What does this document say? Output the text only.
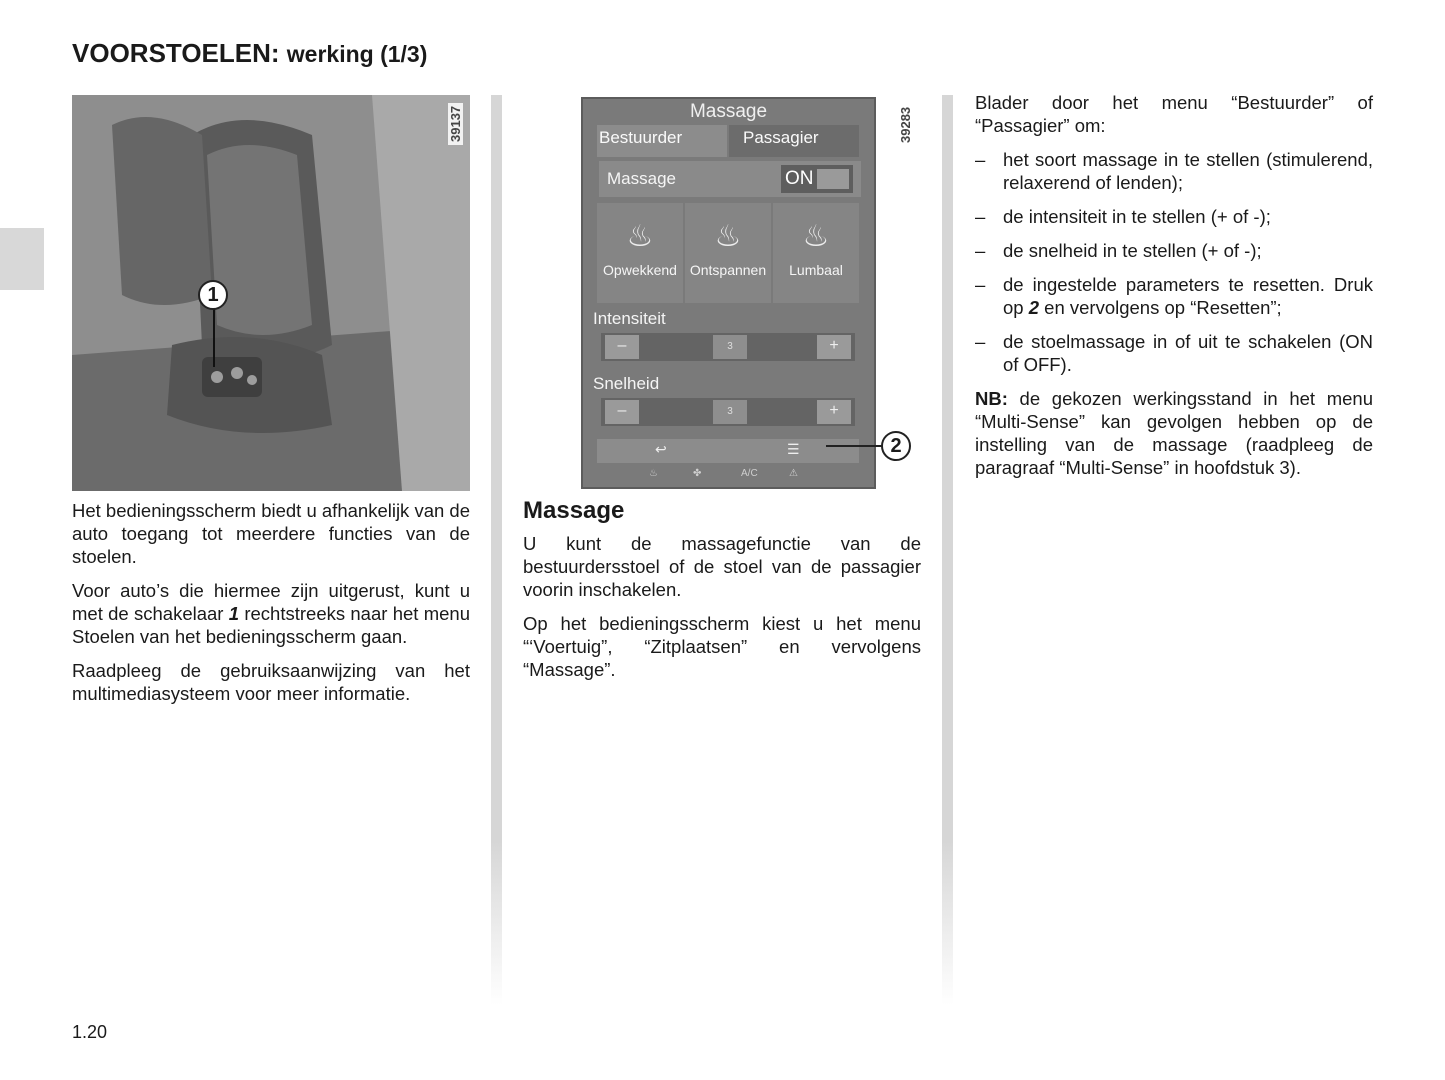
VOORSTOELEN: werking (1/3)
39137
1
Massage
Bestuurder	Passagier
Massage	ON
♨
Opwekkend
♨
Ontspannen
♨
Lumbaal
Intensiteit
–	3	+
Snelheid
–	3	+
↩	☰
♨	✤	A/C	⚠
39283
2

Het bedieningsscherm biedt u afhankelijk van de auto toegang tot meerdere functies van de stoelen.

Voor auto’s die hiermee zijn uitgerust, kunt u met de schakelaar 1 rechtstreeks naar het menu Stoelen van het bedieningsscherm gaan.

Raadpleeg de gebruiksaanwijzing van het multimediasysteem voor meer informatie.

Massage

U kunt de massagefunctie van de bestuurdersstoel of de stoel van de passagier voorin inschakelen.

Op het bedieningsscherm kiest u het menu “‘Voertuig”, “Zitplaatsen” en vervolgens “Massage”.

Blader door het menu “Bestuurder” of “Passagier” om:

– het soort massage in te stellen (stimulerend, relaxerend of lenden);
– de intensiteit in te stellen (+ of -);
– de snelheid in te stellen (+ of -);
– de ingestelde parameters te resetten. Druk op 2 en vervolgens op “Resetten”;
– de stoelmassage in of uit te schakelen (ON of OFF).

NB: de gekozen werkingsstand in het menu “Multi-Sense” kan gevolgen hebben op de instelling van de massage (raadpleeg de paragraaf “Multi-Sense” in hoofdstuk 3).

1.20
